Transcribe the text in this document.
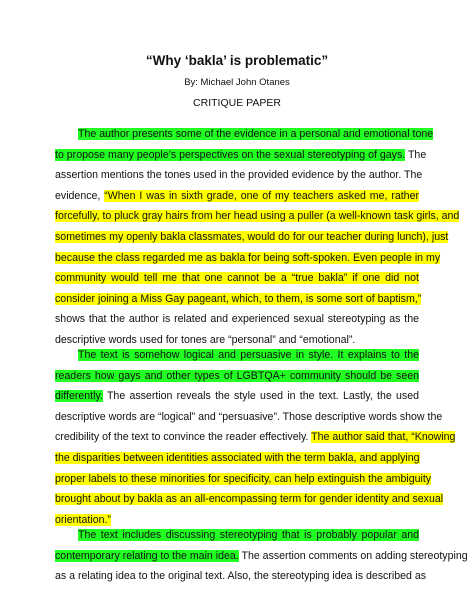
“Why ‘bakla’ is problematic”

By: Michael John Otanes

CRITIQUE PAPER

The author presents some of the evidence in a personal and emotional tone
to propose many people’s perspectives on the sexual stereotyping of gays. The
assertion mentions the tones used in the provided evidence by the author. The
evidence, “When I was in sixth grade, one of my teachers asked me, rather
forcefully, to pluck gray hairs from her head using a puller (a well-known task girls, and
sometimes my openly bakla classmates, would do for our teacher during lunch), just
because the class regarded me as bakla for being soft-spoken. Even people in my
community would tell me that one cannot be a “true bakla” if one did not
consider joining a Miss Gay pageant, which, to them, is some sort of baptism,”
shows that the author is related and experienced sexual stereotyping as the
descriptive words used for tones are “personal” and “emotional”.
The text is somehow logical and persuasive in style. It explains to the
readers how gays and other types of LGBTQA+ community should be seen
differently. The assertion reveals the style used in the text. Lastly, the used
descriptive words are “logical” and “persuasive”. Those descriptive words show the
credibility of the text to convince the reader effectively. The author said that, “Knowing
the disparities between identities associated with the term bakla, and applying
proper labels to these minorities for specificity, can help extinguish the ambiguity
brought about by bakla as an all-encompassing term for gender identity and sexual
orientation.”
The text includes discussing stereotyping that is probably popular and
contemporary relating to the main idea. The assertion comments on adding stereotyping
as a relating idea to the original text. Also, the stereotyping idea is described as
